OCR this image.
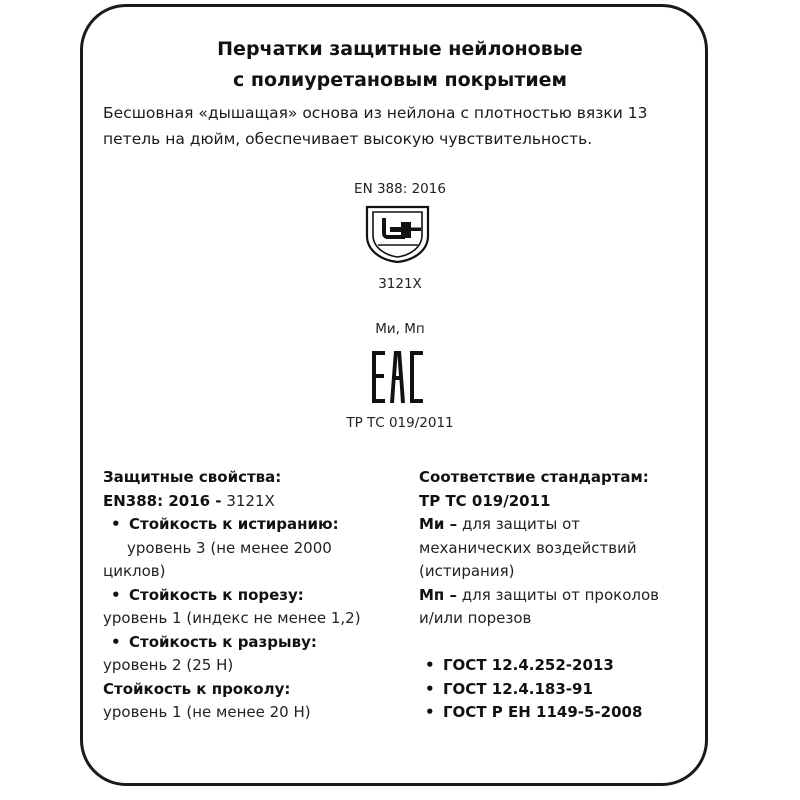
Перчатки защитные нейлоновые
с полиуретановым покрытием
Бесшовная «дышащая» основа из нейлона с плотностью вязки 13
петель на дюйм, обеспечивает высокую чувствительность.
EN 388: 2016
3121X
Ми, Мп
ТР ТС 019/2011
Защитные свойства:
EN388: 2016 - 3121X
• Стойкость к истиранию:
уровень 3 (не менее 2000
циклов)
• Стойкость к порезу:
уровень 1 (индекс не менее 1,2)
• Стойкость к разрыву:
уровень 2 (25 Н)
Стойкость к проколу:
уровень 1 (не менее 20 Н)
Соответствие стандартам:
ТР ТС 019/2011
Ми – для защиты от
механических воздействий
(истирания)
Мп – для защиты от проколов
и/или порезов
• ГОСТ 12.4.252-2013
• ГОСТ 12.4.183-91
• ГОСТ Р ЕН 1149-5-2008
